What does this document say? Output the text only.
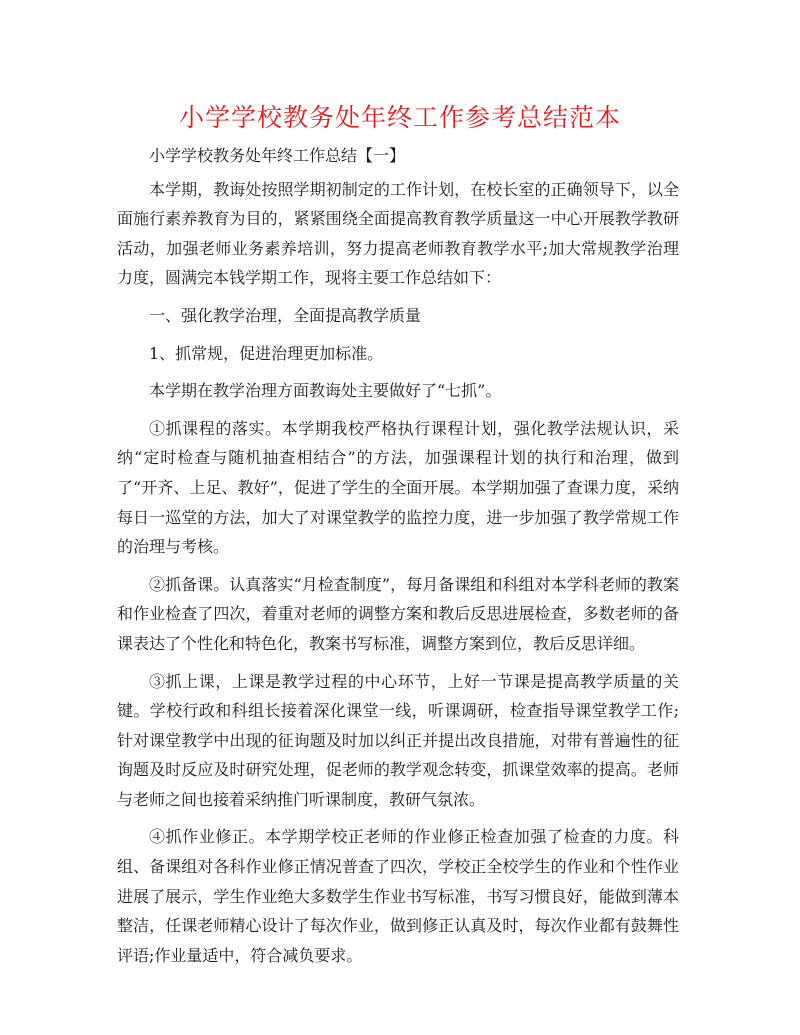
小学学校教务处年终工作参考总结范本

小学学校教务处年终工作总结【一】

本学期，教诲处按照学期初制定的工作计划，在校长室的正确领导下，以全面施行素养教育为目的，紧紧围绕全面提高教育教学质量这一中心开展教学教研活动，加强老师业务素养培训，努力提高老师教育教学水平;加大常规教学治理力度，圆满完本钱学期工作，现将主要工作总结如下：

一、强化教学治理，全面提高教学质量

1、抓常规，促进治理更加标准。

本学期在教学治理方面教诲处主要做好了“七抓”。

①抓课程的落实。本学期我校严格执行课程计划，强化教学法规认识，采纳“定时检查与随机抽查相结合”的方法，加强课程计划的执行和治理，做到了“开齐、上足、教好”，促进了学生的全面开展。本学期加强了查课力度，采纳每日一巡堂的方法，加大了对课堂教学的监控力度，进一步加强了教学常规工作的治理与考核。

②抓备课。认真落实“月检查制度”，每月备课组和科组对本学科老师的教案和作业检查了四次，着重对老师的调整方案和教后反思进展检查，多数老师的备课表达了个性化和特色化，教案书写标准，调整方案到位，教后反思详细。

③抓上课，上课是教学过程的中心环节，上好一节课是提高教学质量的关键。学校行政和科组长接着深化课堂一线，听课调研，检查指导课堂教学工作;针对课堂教学中出现的征询题及时加以纠正并提出改良措施，对带有普遍性的征询题及时反应及时研究处理，促老师的教学观念转变，抓课堂效率的提高。老师与老师之间也接着采纳推门听课制度，教研气氛浓。

④抓作业修正。本学期学校正老师的作业修正检查加强了检查的力度。科组、备课组对各科作业修正情况普查了四次，学校正全校学生的作业和个性作业进展了展示，学生作业绝大多数学生作业书写标准，书写习惯良好，能做到薄本整洁，任课老师精心设计了每次作业，做到修正认真及时，每次作业都有鼓舞性评语;作业量适中，符合减负要求。
